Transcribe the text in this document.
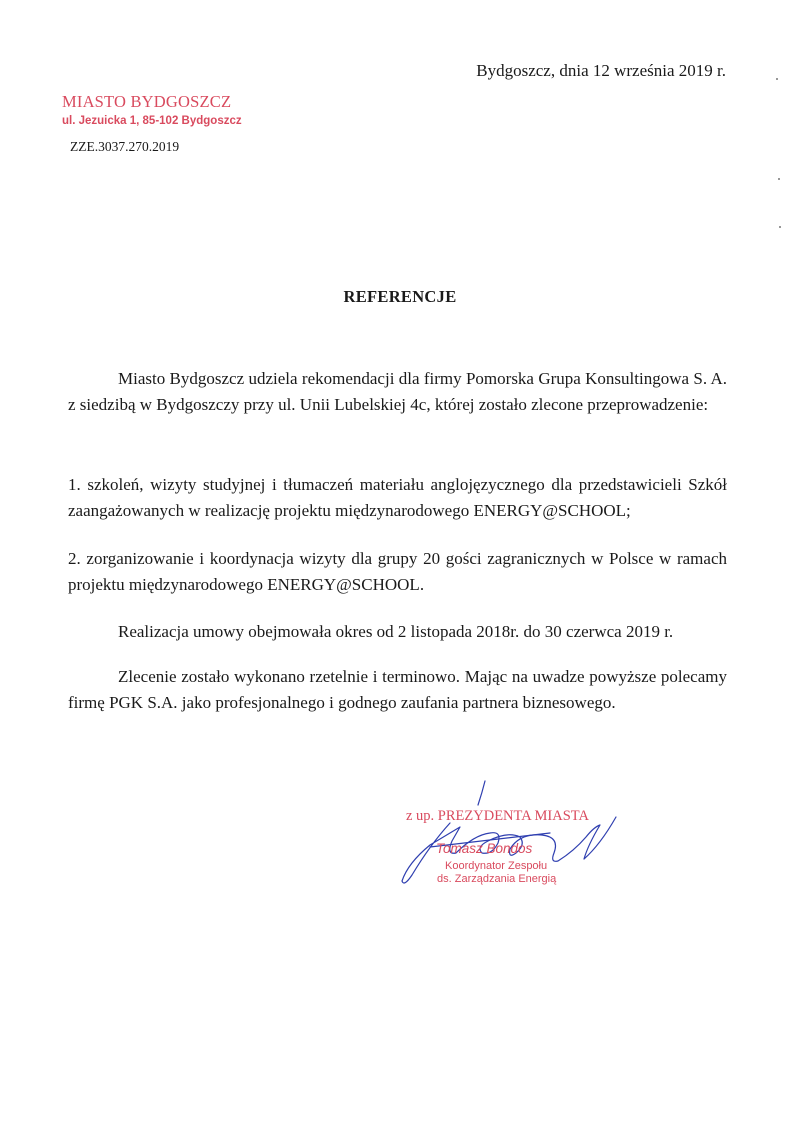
Bydgoszcz, dnia 12 września 2019 r.
MIASTO BYDGOSZCZ
ul. Jezuicka 1, 85-102 Bydgoszcz
ZZE.3037.270.2019
REFERENCJE

Miasto Bydgoszcz udziela rekomendacji dla firmy Pomorska Grupa Konsultingowa S. A. z siedzibą w Bydgoszczy przy ul. Unii Lubelskiej 4c, której zostało zlecone przeprowadzenie:

1. szkoleń, wizyty studyjnej i tłumaczeń materiału anglojęzycznego dla przedstawicieli Szkół zaangażowanych w realizację projektu międzynarodowego ENERGY@SCHOOL;

2. zorganizowanie i koordynacja wizyty dla grupy 20 gości zagranicznych w Polsce w ramach projektu międzynarodowego ENERGY@SCHOOL.

Realizacja umowy obejmowała okres od 2 listopada 2018r. do 30 czerwca 2019 r.

Zlecenie zostało wykonano rzetelnie i terminowo. Mając na uwadze powyższe polecamy firmę PGK S.A. jako profesjonalnego i godnego zaufania partnera biznesowego.

z up. PREZYDENTA MIASTA
Tomasz Bondos
Koordynator Zespołu
ds. Zarządzania Energią
